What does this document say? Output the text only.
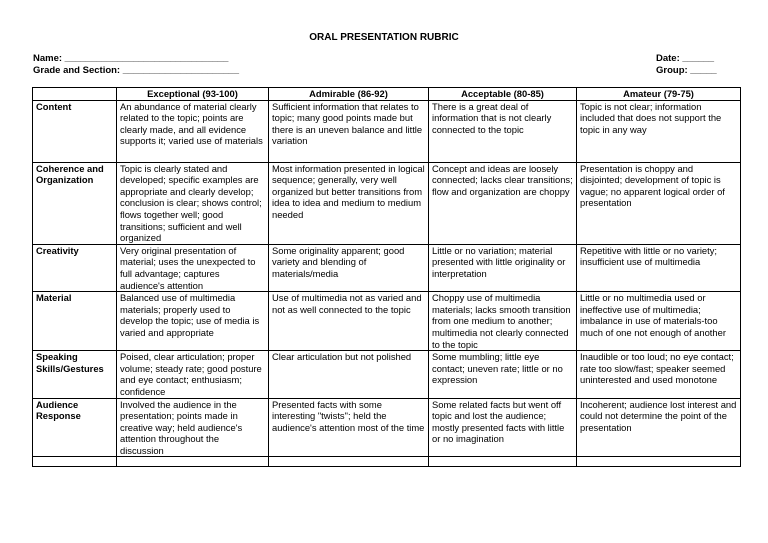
ORAL PRESENTATION RUBRIC
Name: _______________________________
Grade and Section: ______________________
Date: ______
Group: _____
	Exceptional (93-100)	Admirable (86-92)	Acceptable (80-85)	Amateur (79-75)
Content	An abundance of material clearly related to the topic; points are clearly made, and all evidence supports it; varied use of materials	Sufficient information that relates to topic; many good points made but there is an uneven balance and little variation	There is a great deal of information that is not clearly connected to the topic	Topic is not clear; information included that does not support the topic in any way
Coherence and Organization	Topic is clearly stated and developed; specific examples are appropriate and clearly develop; conclusion is clear; shows control; flows together well; good transitions; sufficient and well organized	Most information presented in logical sequence; generally, very well organized but better transitions from idea to idea and medium to medium needed	Concept and ideas are loosely connected; lacks clear transitions; flow and organization are choppy	Presentation is choppy and disjointed; development of topic is vague; no apparent logical order of presentation
Creativity	Very original presentation of material; uses the unexpected to full advantage; captures audience's attention	Some originality apparent; good variety and blending of materials/media	Little or no variation; material presented with little originality or interpretation	Repetitive with little or no variety; insufficient use of multimedia
Material	Balanced use of multimedia materials; properly used to develop the topic; use of media is varied and appropriate	Use of multimedia not as varied and not as well connected to the topic	Choppy use of multimedia materials; lacks smooth transition from one medium to another; multimedia not clearly connected to the topic	Little or no multimedia used or ineffective use of multimedia; imbalance in use of materials-too much of one not enough of another
Speaking Skills/Gestures	Poised, clear articulation; proper volume; steady rate; good posture and eye contact; enthusiasm; confidence	Clear articulation but not polished	Some mumbling; little eye contact; uneven rate; little or no expression	Inaudible or too loud; no eye contact; rate too slow/fast; speaker seemed uninterested and used monotone
Audience Response	Involved the audience in the presentation; points made in creative way; held audience's attention throughout the discussion	Presented facts with some interesting "twists"; held the audience's attention most of the time	Some related facts but went off topic and lost the audience; mostly presented facts with little or no imagination	Incoherent; audience lost interest and could not determine the point of the presentation
